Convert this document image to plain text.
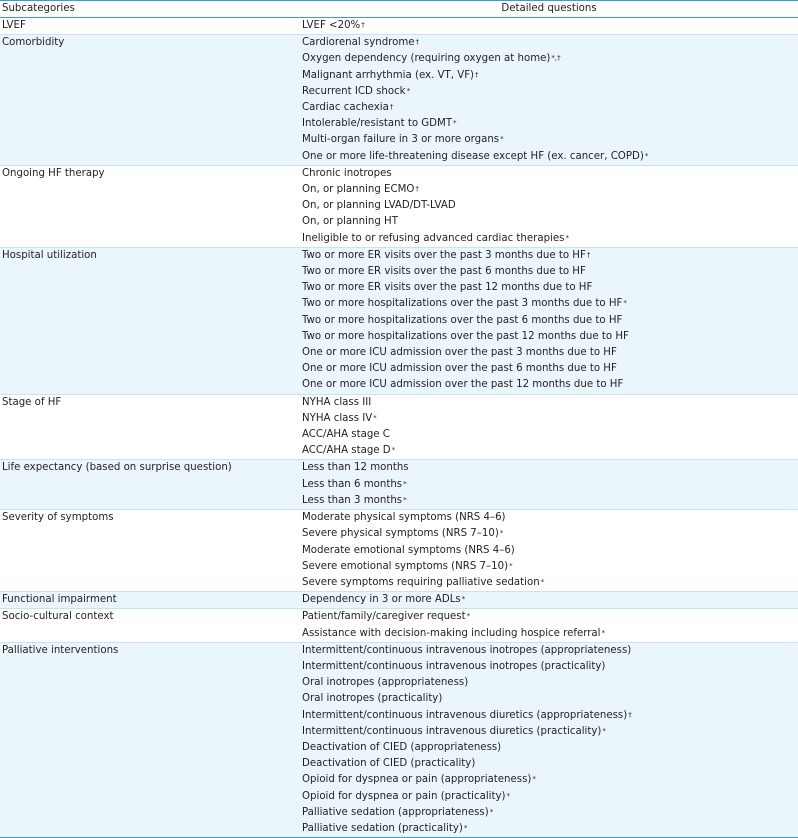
Subcategories	Detailed questions
LVEF	LVEF <20%†
Comorbidity	Cardiorenal syndrome†
	Oxygen dependency (requiring oxygen at home)*,†
	Malignant arrhythmia (ex. VT, VF)†
	Recurrent ICD shock*
	Cardiac cachexia†
	Intolerable/resistant to GDMT*
	Multi-organ failure in 3 or more organs*
	One or more life-threatening disease except HF (ex. cancer, COPD)*
Ongoing HF therapy	Chronic inotropes
	On, or planning ECMO†
	On, or planning LVAD/DT-LVAD
	On, or planning HT
	Ineligible to or refusing advanced cardiac therapies*
Hospital utilization	Two or more ER visits over the past 3 months due to HF†
	Two or more ER visits over the past 6 months due to HF
	Two or more ER visits over the past 12 months due to HF
	Two or more hospitalizations over the past 3 months due to HF*
	Two or more hospitalizations over the past 6 months due to HF
	Two or more hospitalizations over the past 12 months due to HF
	One or more ICU admission over the past 3 months due to HF
	One or more ICU admission over the past 6 months due to HF
	One or more ICU admission over the past 12 months due to HF
Stage of HF	NYHA class III
	NYHA class IV*
	ACC/AHA stage C
	ACC/AHA stage D*
Life expectancy (based on surprise question)	Less than 12 months
	Less than 6 months*
	Less than 3 months*
Severity of symptoms	Moderate physical symptoms (NRS 4–6)
	Severe physical symptoms (NRS 7–10)*
	Moderate emotional symptoms (NRS 4–6)
	Severe emotional symptoms (NRS 7–10)*
	Severe symptoms requiring palliative sedation*
Functional impairment	Dependency in 3 or more ADLs*
Socio-cultural context	Patient/family/caregiver request*
	Assistance with decision-making including hospice referral*
Palliative interventions	Intermittent/continuous intravenous inotropes (appropriateness)
	Intermittent/continuous intravenous inotropes (practicality)
	Oral inotropes (appropriateness)
	Oral inotropes (practicality)
	Intermittent/continuous intravenous diuretics (appropriateness)†
	Intermittent/continuous intravenous diuretics (practicality)*
	Deactivation of CIED (appropriateness)
	Deactivation of CIED (practicality)
	Opioid for dyspnea or pain (appropriateness)*
	Opioid for dyspnea or pain (practicality)*
	Palliative sedation (appropriateness)*
	Palliative sedation (practicality)*
